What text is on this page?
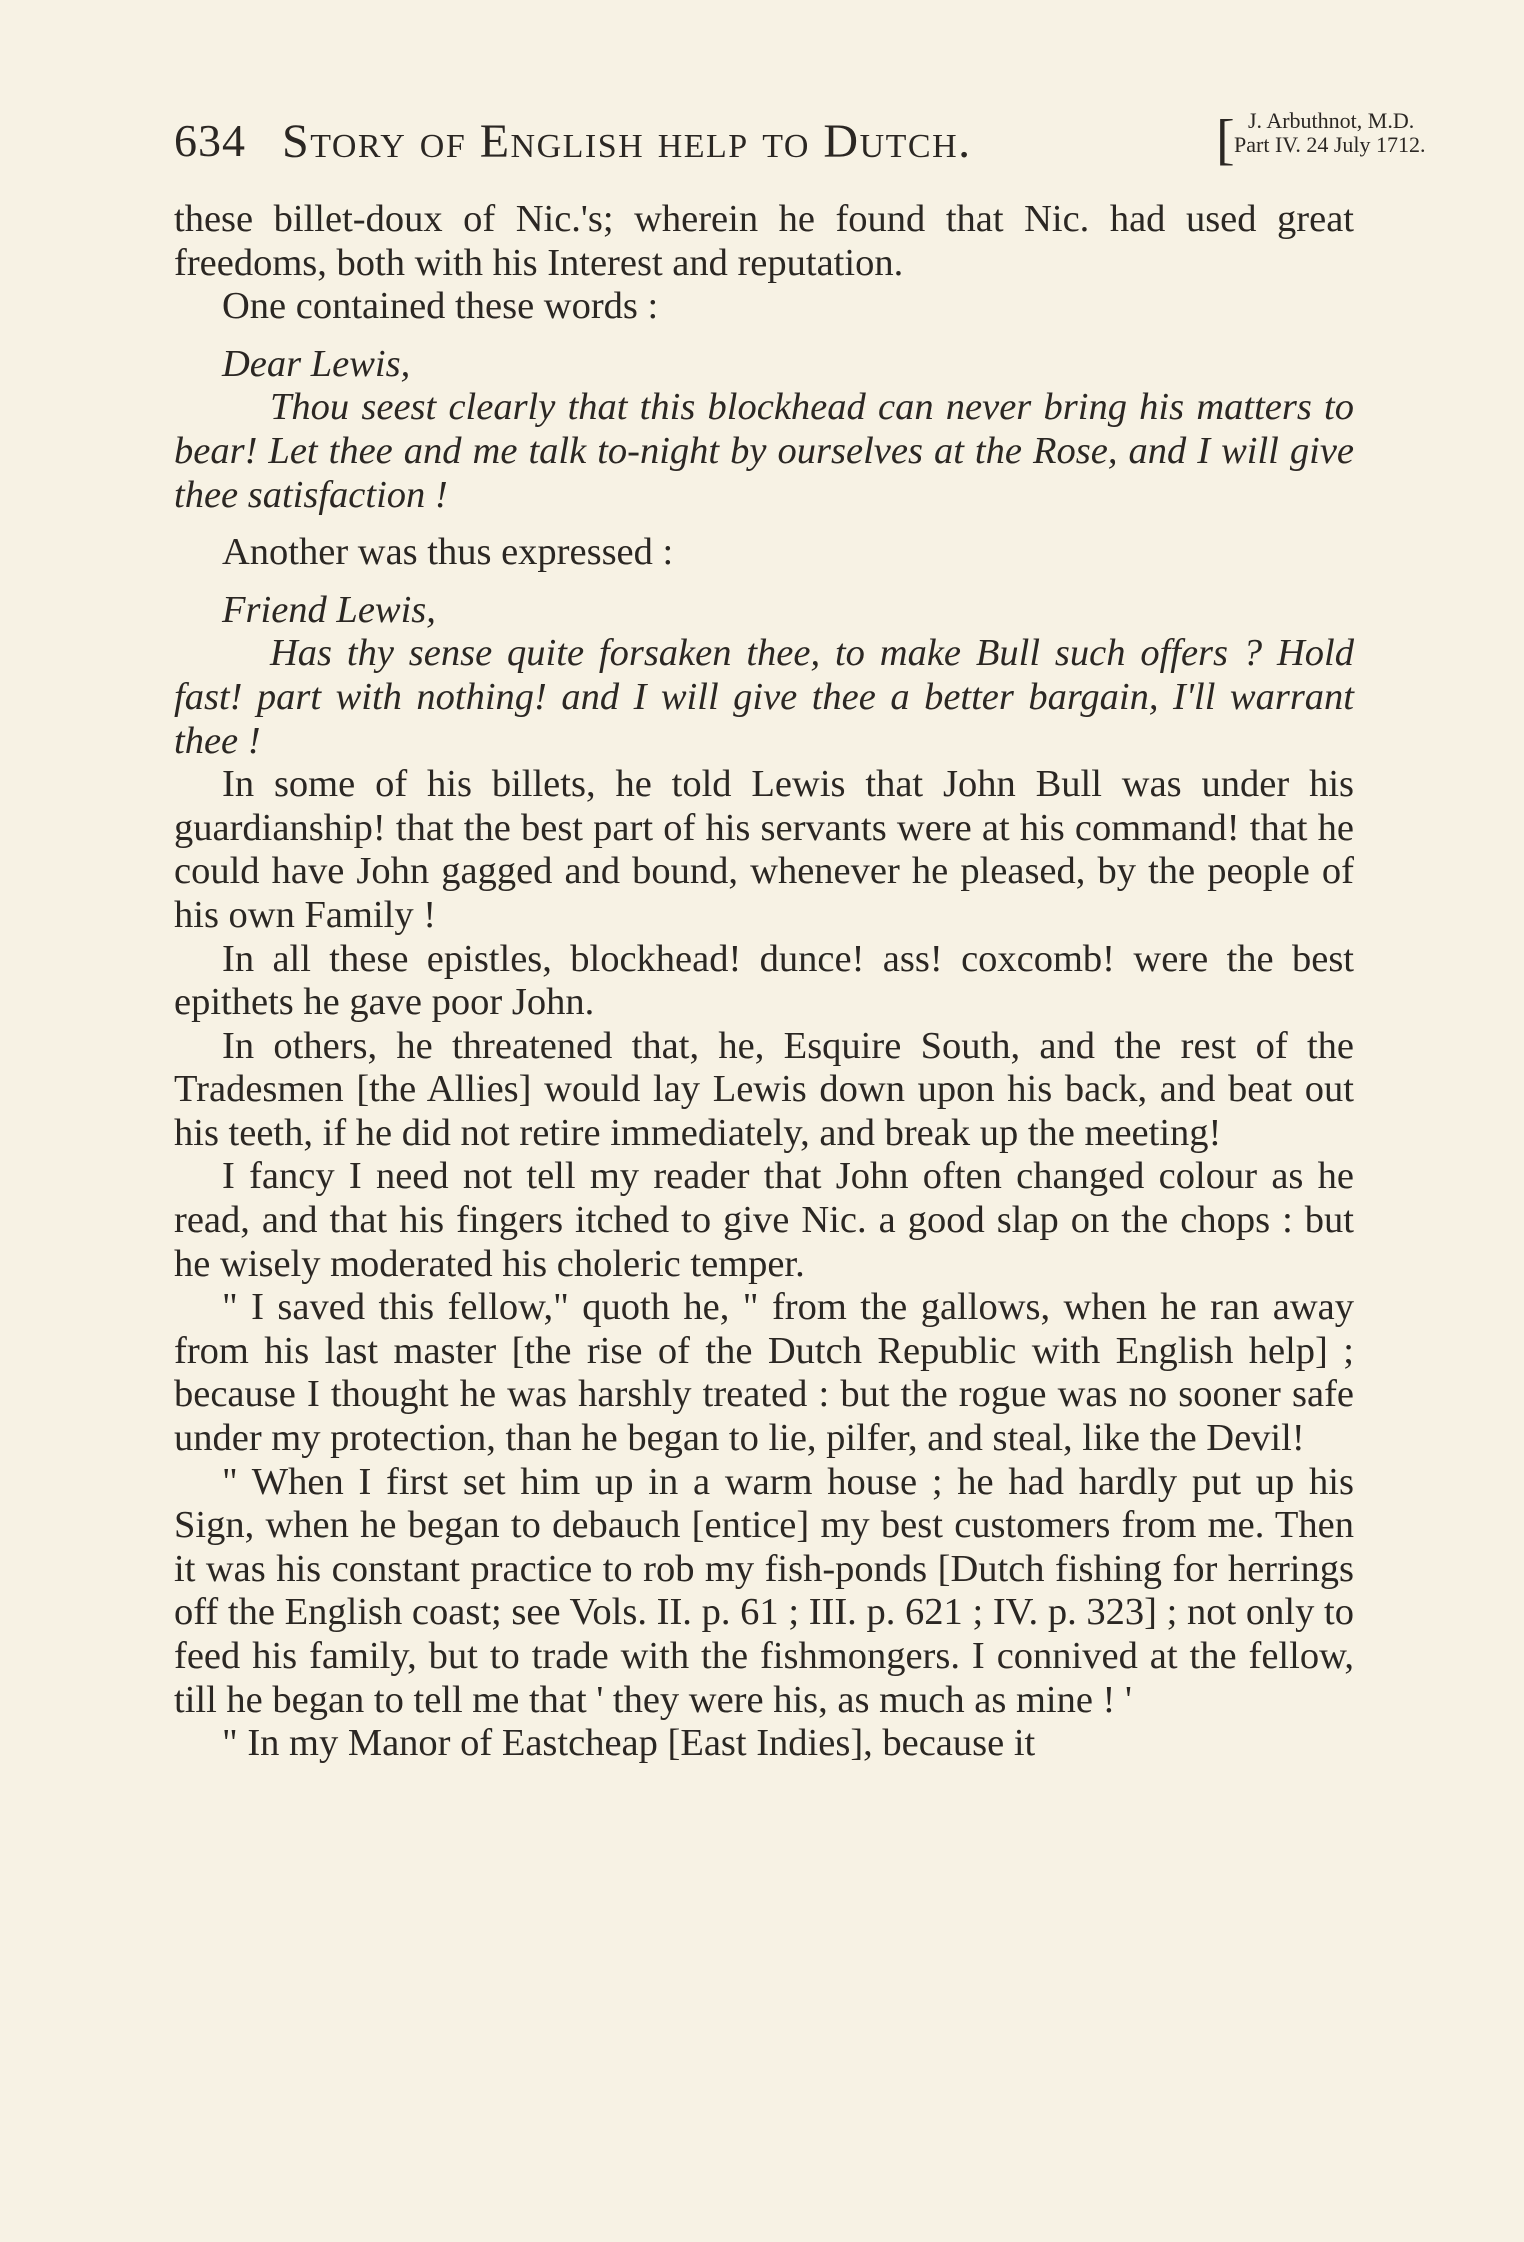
634 Story of English help to Dutch.	[ J. Arbuthnot, M.D.
Part IV. 24 July 1712.

these billet-doux of Nic.'s; wherein he found that Nic. had used great freedoms, both with his Interest and reputation.

One contained these words :

Dear Lewis,

Thou seest clearly that this blockhead can never bring his matters to bear! Let thee and me talk to-night by ourselves at the Rose, and I will give thee satisfaction !

Another was thus expressed :

Friend Lewis,

Has thy sense quite forsaken thee, to make Bull such offers ? Hold fast! part with nothing! and I will give thee a better bargain, I'll warrant thee !

In some of his billets, he told Lewis that John Bull was under his guardianship! that the best part of his servants were at his command! that he could have John gagged and bound, whenever he pleased, by the people of his own Family !

In all these epistles, blockhead! dunce! ass! coxcomb! were the best epithets he gave poor John.

In others, he threatened that, he, Esquire South, and the rest of the Tradesmen [the Allies] would lay Lewis down upon his back, and beat out his teeth, if he did not retire immediately, and break up the meeting!

I fancy I need not tell my reader that John often changed colour as he read, and that his fingers itched to give Nic. a good slap on the chops : but he wisely moderated his choleric temper.

" I saved this fellow," quoth he, " from the gallows, when he ran away from his last master [the rise of the Dutch Republic with English help] ; because I thought he was harshly treated : but the rogue was no sooner safe under my protection, than he began to lie, pilfer, and steal, like the Devil!

" When I first set him up in a warm house ; he had hardly put up his Sign, when he began to debauch [entice] my best customers from me. Then it was his constant practice to rob my fish-ponds [Dutch fishing for herrings off the English coast; see Vols. II. p. 61 ; III. p. 621 ; IV. p. 323] ; not only to feed his family, but to trade with the fishmongers. I connived at the fellow, till he began to tell me that ' they were his, as much as mine ! '

" In my Manor of Eastcheap [East Indies], because it
